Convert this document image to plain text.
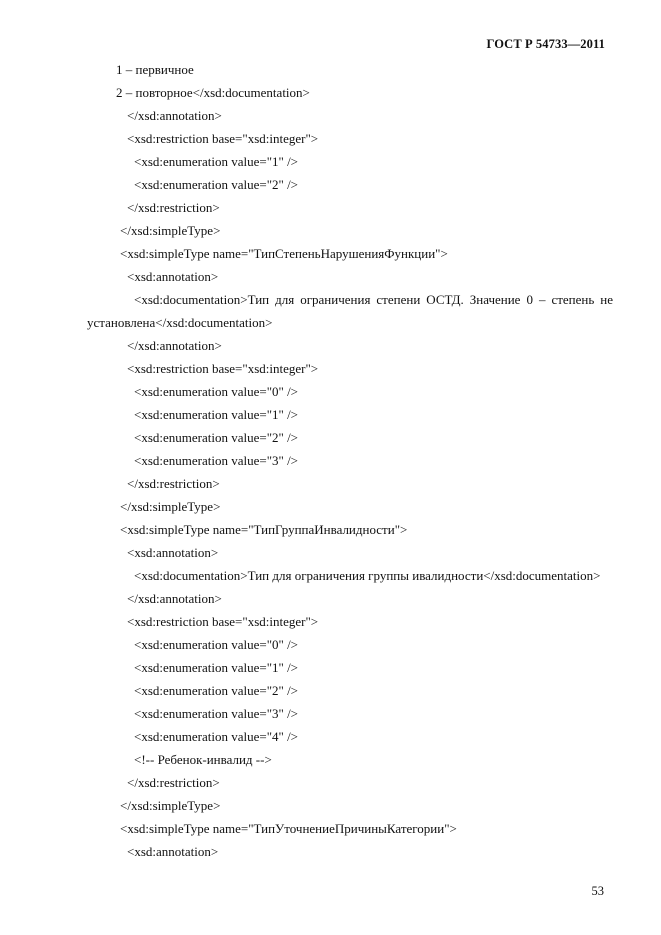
ГОСТ Р 54733—2011
1 – первичное
2 – повторное</xsd:documentation>
</xsd:annotation>
<xsd:restriction base="xsd:integer">
<xsd:enumeration value="1" />
<xsd:enumeration value="2" />
</xsd:restriction>
</xsd:simpleType>
<xsd:simpleType name="ТипСтепеньНарушенияФункции">
<xsd:annotation>
<xsd:documentation>Тип для ограничения степени ОСТД. Значение 0 – степень не
установлена</xsd:documentation>
</xsd:annotation>
<xsd:restriction base="xsd:integer">
<xsd:enumeration value="0" />
<xsd:enumeration value="1" />
<xsd:enumeration value="2" />
<xsd:enumeration value="3" />
</xsd:restriction>
</xsd:simpleType>
<xsd:simpleType name="ТипГруппаИнвалидности">
<xsd:annotation>
<xsd:documentation>Тип для ограничения группы ивалидности</xsd:documentation>
</xsd:annotation>
<xsd:restriction base="xsd:integer">
<xsd:enumeration value="0" />
<xsd:enumeration value="1" />
<xsd:enumeration value="2" />
<xsd:enumeration value="3" />
<xsd:enumeration value="4" />
<!-- Ребенок-инвалид -->
</xsd:restriction>
</xsd:simpleType>
<xsd:simpleType name="ТипУточнениеПричиныКатегории">
<xsd:annotation>
53
